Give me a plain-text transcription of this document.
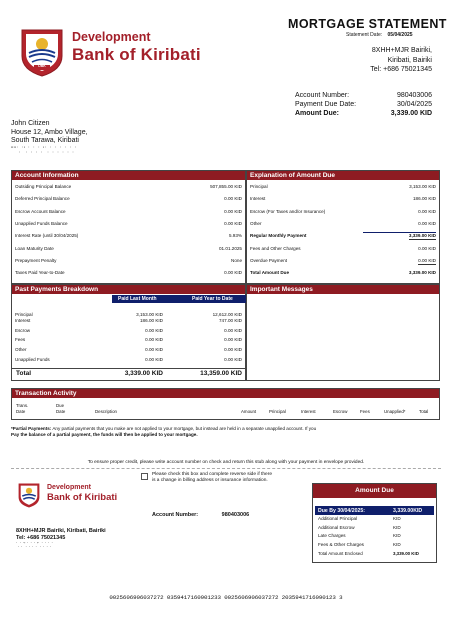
DBK
Development
Bank of Kiribati
MORTGAGE STATEMENT
Statement Date: 05/04/2025
8XHH+MJR Bairiki,
Kiribati, Bairiki
Tel: +686 75021345
Account Number:	980403006
Payment Due Date:	30/04/2025
Amount Due:	3,339.00 KID
John Citizen
House 12, Ambo Village,
South Tarawa, Kiribati
""ˈˌˈ'ˌˈˌˈˌˈˌ'ˈˌˈˌˈˌˈˌˈˌˈˌˈ
Account Information
Outsiding Principal Balance	507,855.00 KID
Deferred Principal Balance	0.00 KID
Escrow Account Balance	0.00 KID
Unapplied Funds Balance	0.00 KID
Interest Rate (until 30/04/2025)	5.93%
Loan Maturity Date	01.01.2025
Prepayment Penalty	None
Taxes Paid Year-to-Date	0.00 KID
Explanation of Amount Due
Principal	3,153.00 KID
Interest	186.00 KID
Escrow (For Taxes and/or Insurance)	0.00 KID
Other	0.00 KID
Regular Monthly Payment	3,339.00 KID
Fees and Other Charges	0.00 KID
Overdue Payment	0.00 KID
Total Amount Due	3,339.00 KID
Past Payments Breakdown
Paid Last Month	Paid Year to Date
Principal	3,153.00 KID	12,612.00 KID
Interest	186.00 KID	747.00 KID
Escrow	0.00 KID	0.00 KID
Fees	0.00 KID	0.00 KID
Other	0.00 KID	0.00 KID
Unapplied Funds	0.00 KID	0.00 KID
Total	3,339.00 KID	13,359.00 KID
Important Messages
Transaction Activity
Trans.
Date
Due
Date	Description	Amount	Principal	Interest	Escrow	Fees	Unapplied*	Total
*Partial Payments: Any partial payments that you make are not applied to your mortgage, but instead are held in a separate unapplied account. If you
Pay the balance of a partial payment, the funds will then be applied to your mortgage.
To ensure proper credit, please write account number on check and return this stub along with your payment in envelope provided.
Development
Bank of Kiribati
Please check this box and complete reverse side if there
is a change in billing address or insurance information.
Account Number:	980403006
8XHH+MJR Bairiki, Kiribati, Bairiki
Tel: +686 75021345
ˈˌˈˌˈ'ˌˈˌˈˌˈˌ'ˈˌˈˌˈˌˈˌˈ
Amount Due
Due By 30/04/2025:	3,339.00KID
Additional Principal	KID
Additional Escrow	KID
Late Charges	KID
Fees & Other Charges	KID
Total Amount Enclosed	3,339.00 KID
0025606906037272 0359417160901233 0025606906037272 2035941716090123 3
